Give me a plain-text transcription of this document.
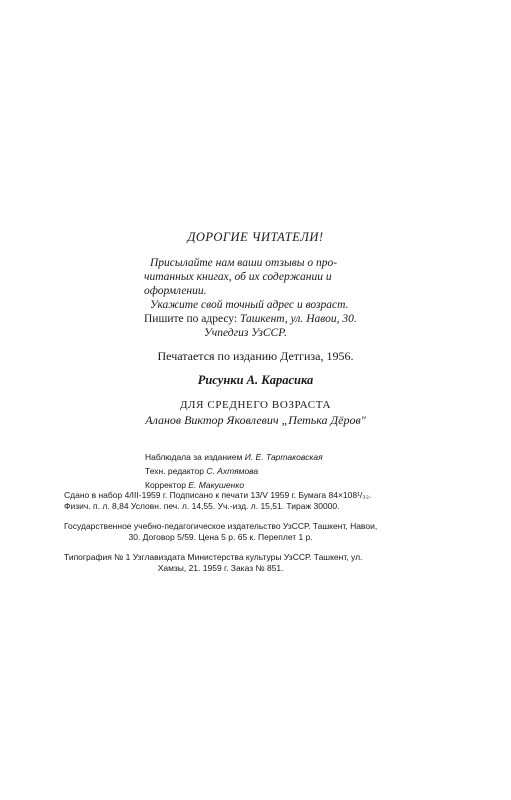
ДОРОГИЕ ЧИТАТЕЛИ!
Присылайте нам ваши отзывы о про-
читанных книгах, об их содержании и
оформлении.
Укажите свой точный адрес и возраст.
Пишите по адресу: Ташкент, ул. Навои, 30.
Учпедгиз УзССР.
Печатается по изданию Детгиза, 1956.
Рисунки А. Карасика
ДЛЯ СРЕДНЕГО ВОЗРАСТА
Аланов Виктор Яковлевич „Петька Дёров"
Наблюдала за изданием И. Е. Тартаковская
Техн. редактор С. Ахтямова
Корректор Е. Макушенко
Сдано в набор 4/III-1959 г. Подписано к печати 13/V 1959 г. Бумага 84×108¹/₃₂.
Физич. п. л. 8,84 Условн. печ. л. 14,55. Уч.-изд. л. 15,51. Тираж 30000.
Государственное учебно-педагогическое издательство УзССР. Ташкент, Навои,
30. Договор 5/59. Цена 5 р. 65 к. Переплет 1 р.
Типография № 1 Узглавиздата Министерства культуры УзССР. Ташкент, ул.
Хамзы, 21. 1959 г. Заказ № 851.
